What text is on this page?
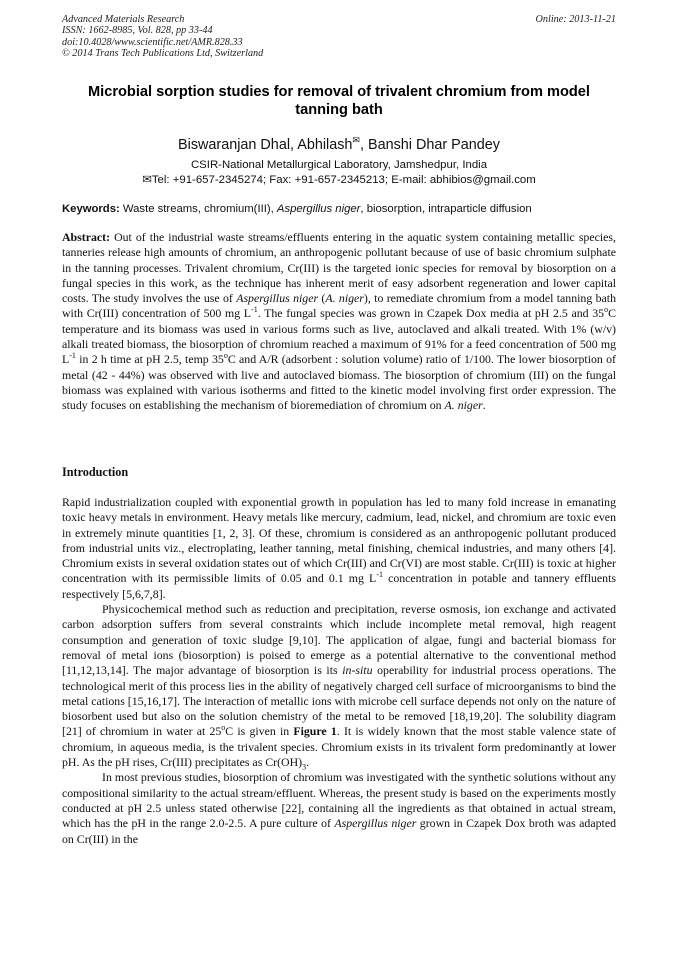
Advanced Materials Research
ISSN: 1662-8985, Vol. 828, pp 33-44
doi:10.4028/www.scientific.net/AMR.828.33
© 2014 Trans Tech Publications Ltd, Switzerland
Online: 2013-11-21
Microbial sorption studies for removal of trivalent chromium from model tanning bath
Biswaranjan Dhal, Abhilash✉, Banshi Dhar Pandey
CSIR-National Metallurgical Laboratory, Jamshedpur, India
✉Tel: +91-657-2345274; Fax: +91-657-2345213; E-mail: abhibios@gmail.com
Keywords: Waste streams, chromium(III), Aspergillus niger, biosorption, intraparticle diffusion
Abstract: Out of the industrial waste streams/effluents entering in the aquatic system containing metallic species, tanneries release high amounts of chromium, an anthropogenic pollutant because of use of basic chromium sulphate in the tanning processes. Trivalent chromium, Cr(III) is the targeted ionic species for removal by biosorption on a fungal species in this work, as the technique has inherent merit of easy adsorbent regeneration and lower capital costs. The study involves the use of Aspergillus niger (A. niger), to remediate chromium from a model tanning bath with Cr(III) concentration of 500 mg $L^{-1}$. The fungal species was grown in Czapek Dox media at pH 2.5 and 35$^o$C temperature and its biomass was used in various forms such as live, autoclaved and alkali treated. With 1% (w/v) alkali treated biomass, the biosorption of chromium reached a maximum of 91% for a feed concentration of 500 mg $L^{-1}$ in 2 h time at pH 2.5, temp 35$^o$C and A/R (adsorbent : solution volume) ratio of 1/100. The lower biosorption of metal (42 - 44%) was observed with live and autoclaved biomass. The biosorption of chromium (III) on the fungal biomass was explained with various isotherms and fitted to the kinetic model involving first order expression. The study focuses on establishing the mechanism of bioremediation of chromium on A. niger.
Introduction

Rapid industrialization coupled with exponential growth in population has led to many fold increase in emanating toxic heavy metals in environment. Heavy metals like mercury, cadmium, lead, nickel, and chromium are toxic even in extremely minute quantities [1, 2, 3]. Of these, chromium is considered as an anthropogenic pollutant produced from industrial units viz., electroplating, leather tanning, metal finishing, chemical industries, and many others [4]. Chromium exists in several oxidation states out of which Cr(III) and Cr(VI) are most stable. Cr(III) is toxic at higher concentration with its permissible limits of 0.05 and 0.1 mg $L^{-1}$ concentration in potable and tannery effluents respectively [5,6,7,8].

Physicochemical method such as reduction and precipitation, reverse osmosis, ion exchange and activated carbon adsorption suffers from several constraints which include incomplete metal removal, high reagent consumption and generation of toxic sludge [9,10]. The application of algae, fungi and bacterial biomass for removal of metal ions (biosorption) is poised to emerge as a potential alternative to the conventional method [11,12,13,14]. The major advantage of biosorption is its in-situ operability for industrial process operations. The technological merit of this process lies in the ability of negatively charged cell surface of microorganisms to bind the metal cations [15,16,17]. The interaction of metallic ions with microbe cell surface depends not only on the nature of biosorbent used but also on the solution chemistry of the metal to be removed [18,19,20]. The solubility diagram [21] of chromium in water at 25$^o$C is given in Figure 1. It is widely known that the most stable valence state of chromium, in aqueous media, is the trivalent species. Chromium exists in its trivalent form predominantly at lower pH. As the pH rises, Cr(III) precipitates as $Cr(OH)_3$.

In most previous studies, biosorption of chromium was investigated with the synthetic solutions without any compositional similarity to the actual stream/effluent. Whereas, the present study is based on the experiments mostly conducted at pH 2.5 unless stated otherwise [22], containing all the ingredients as that obtained in actual stream, which has the pH in the range 2.0-2.5. A pure culture of Aspergillus niger grown in Czapek Dox broth was adapted on Cr(III) in the
